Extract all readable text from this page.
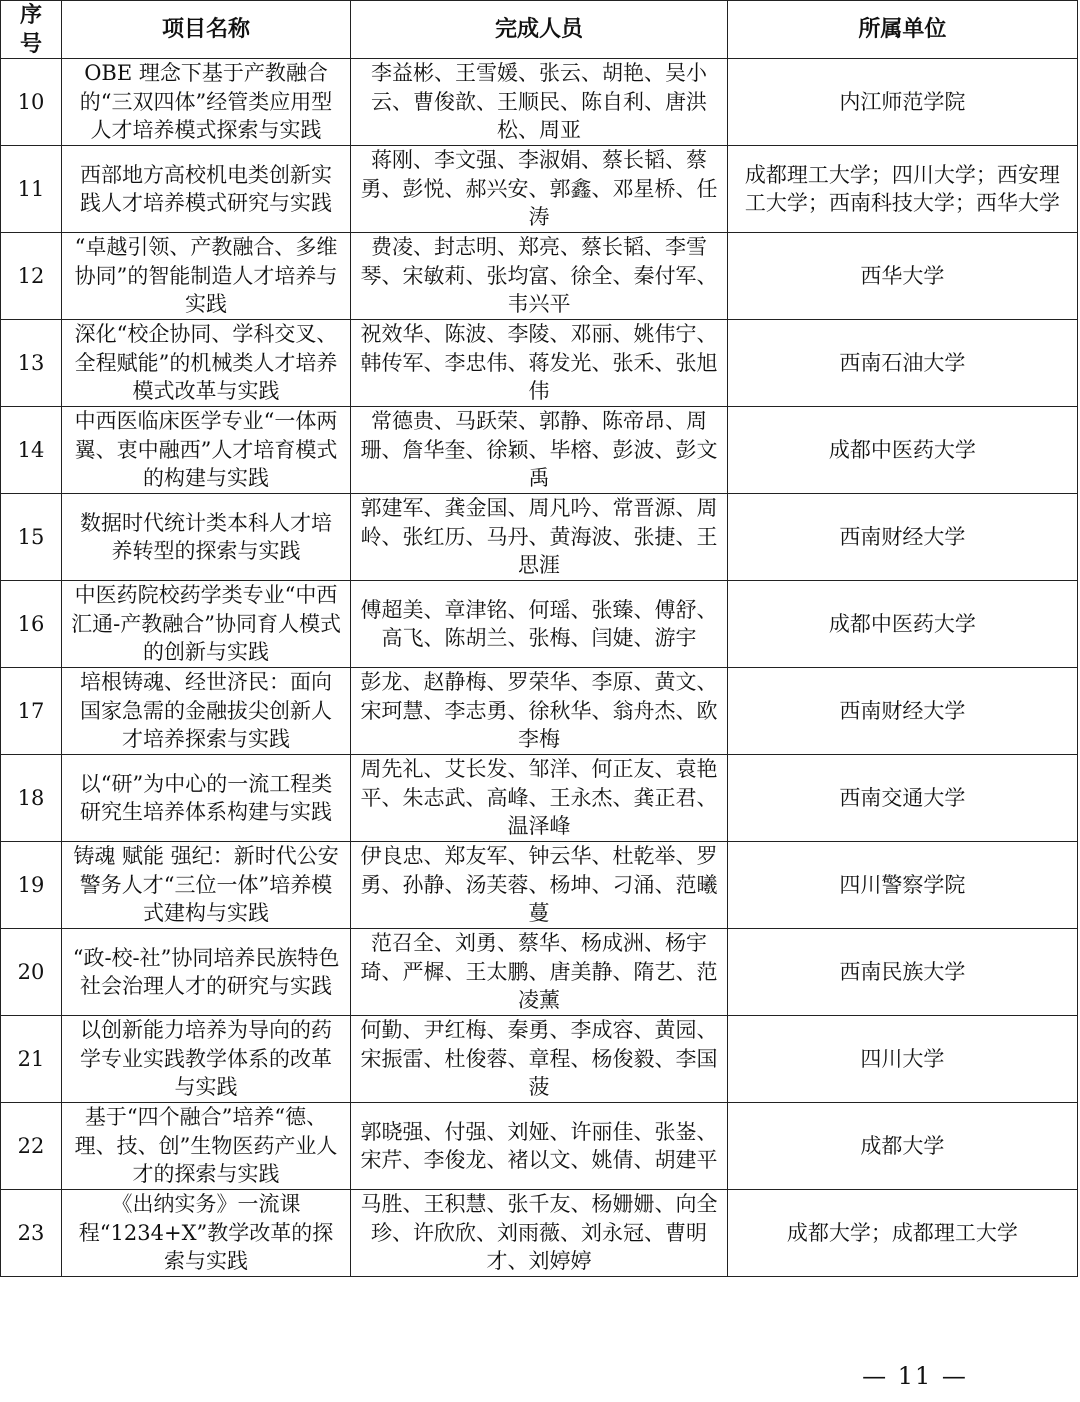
序号	项目名称	完成人员	所属单位
10	OBE 理念下基于产教融合的“三双四体”经管类应用型人才培养模式探索与实践	李益彬、王雪媛、张云、胡艳、吴小云、曹俊歆、王顺民、陈自利、唐洪松、周亚	内江师范学院
11	西部地方高校机电类创新实践人才培养模式研究与实践	蒋刚、李文强、李淑娟、蔡长韬、蔡勇、彭悦、郝兴安、郭鑫、邓星桥、任涛	成都理工大学；四川大学；西安理工大学；西南科技大学；西华大学
12	“卓越引领、产教融合、多维协同”的智能制造人才培养与实践	费凌、封志明、郑亮、蔡长韬、李雪琴、宋敏莉、张均富、徐全、秦付军、韦兴平	西华大学
13	深化“校企协同、学科交叉、全程赋能”的机械类人才培养模式改革与实践	祝效华、陈波、李陵、邓丽、姚伟宁、韩传军、李忠伟、蒋发光、张禾、张旭伟	西南石油大学
14	中西医临床医学专业“一体两翼、衷中融西”人才培育模式的构建与实践	常德贵、马跃荣、郭静、陈帝昂、周珊、詹华奎、徐颖、毕榕、彭波、彭文禹	成都中医药大学
15	数据时代统计类本科人才培养转型的探索与实践	郭建军、龚金国、周凡吟、常晋源、周岭、张红历、马丹、黄海波、张捷、王思涯	西南财经大学
16	中医药院校药学类专业“中西汇通-产教融合”协同育人模式的创新与实践	傅超美、章津铭、何瑶、张臻、傅舒、高飞、陈胡兰、张梅、闫婕、游宇	成都中医药大学
17	培根铸魂、经世济民：面向国家急需的金融拔尖创新人才培养探索与实践	彭龙、赵静梅、罗荣华、李原、黄文、宋珂慧、李志勇、徐秋华、翁舟杰、欧李梅	西南财经大学
18	以“研”为中心的一流工程类研究生培养体系构建与实践	周先礼、艾长发、邹洋、何正友、袁艳平、朱志武、高峰、王永杰、龚正君、温泽峰	西南交通大学
19	铸魂 赋能 强纪：新时代公安警务人才“三位一体”培养模式建构与实践	伊良忠、郑友军、钟云华、杜乾举、罗勇、孙静、汤芙蓉、杨坤、刁涌、范曦蔓	四川警察学院
20	“政-校-社”协同培养民族特色社会治理人才的研究与实践	范召全、刘勇、蔡华、杨成洲、杨宇琦、严樨、王太鹏、唐美静、隋艺、范凌薰	西南民族大学
21	以创新能力培养为导向的药学专业实践教学体系的改革与实践	何勤、尹红梅、秦勇、李成容、黄园、宋振雷、杜俊蓉、章程、杨俊毅、李国菠	四川大学
22	基于“四个融合”培养“德、理、技、创”生物医药产业人才的探索与实践	郭晓强、付强、刘娅、许丽佳、张崟、宋芹、李俊龙、褚以文、姚倩、胡建平	成都大学
23	《出纳实务》一流课程“1234+X”教学改革的探索与实践	马胜、王积慧、张千友、杨姗姗、向全珍、许欣欣、刘雨薇、刘永冠、曹明才、刘婷婷	成都大学；成都理工大学
— 11 —
